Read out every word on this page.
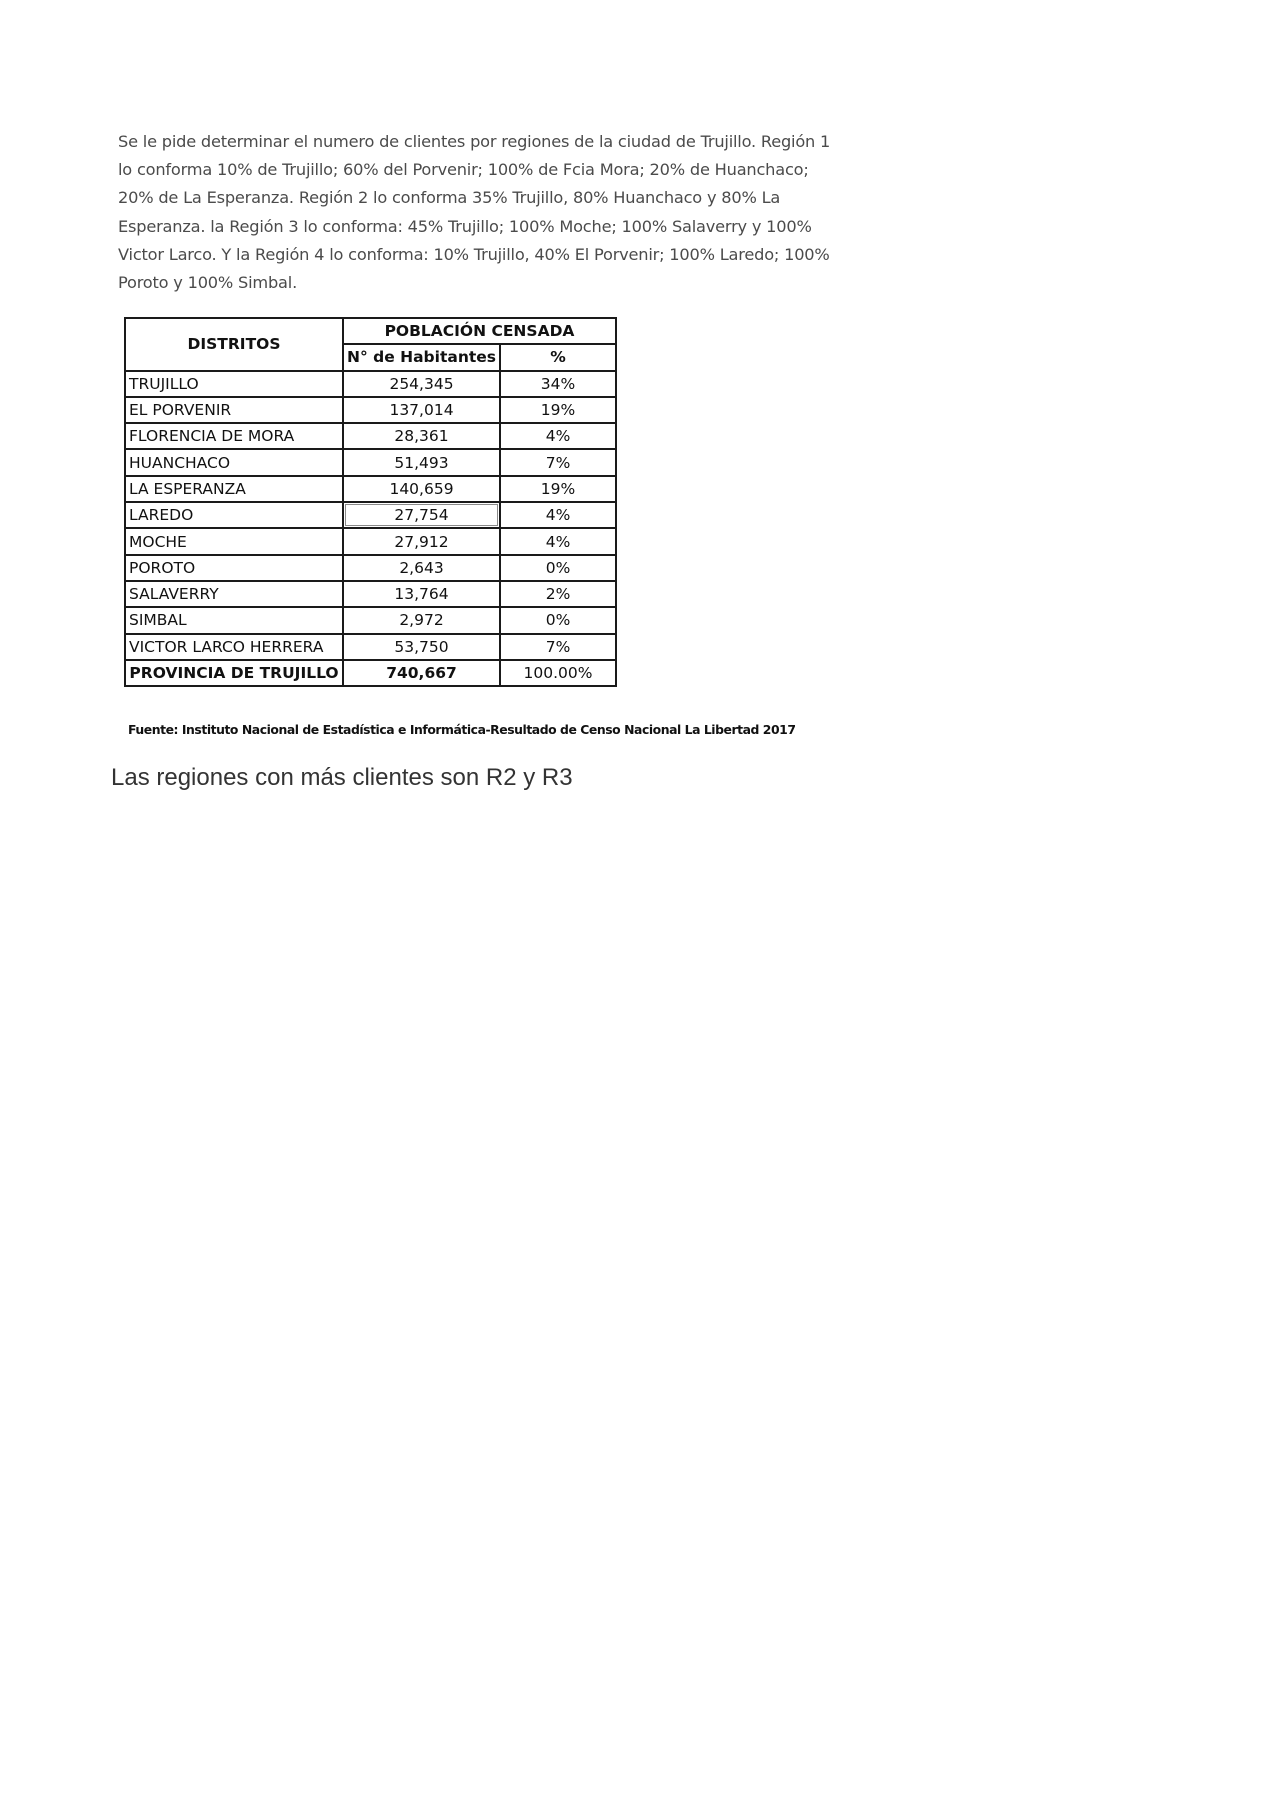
Se le pide determinar el numero de clientes por regiones de la ciudad de Trujillo. Región 1 lo conforma 10% de Trujillo; 60% del Porvenir; 100% de Fcia Mora; 20% de Huanchaco; 20% de La Esperanza. Región 2 lo conforma 35% Trujillo, 80% Huanchaco y 80% La Esperanza. la Región 3 lo conforma: 45% Trujillo; 100% Moche; 100% Salaverry y 100% Victor Larco. Y la Región 4 lo conforma: 10% Trujillo, 40% El Porvenir; 100% Laredo; 100% Poroto y 100% Simbal.

DISTRITOS	POBLACIÓN CENSADA	
	N° de Habitantes	%
TRUJILLO	254,345	34%
EL PORVENIR	137,014	19%
FLORENCIA DE MORA	28,361	4%
HUANCHACO	51,493	7%
LA ESPERANZA	140,659	19%
LAREDO	27,754	4%
MOCHE	27,912	4%
POROTO	2,643	0%
SALAVERRY	13,764	2%
SIMBAL	2,972	0%
VICTOR LARCO HERRERA	53,750	7%
PROVINCIA DE TRUJILLO	740,667	100.00%

Fuente: Instituto Nacional de Estadística e Informática-Resultado de Censo Nacional La Libertad 2017

Las regiones con más clientes son R2 y R3
